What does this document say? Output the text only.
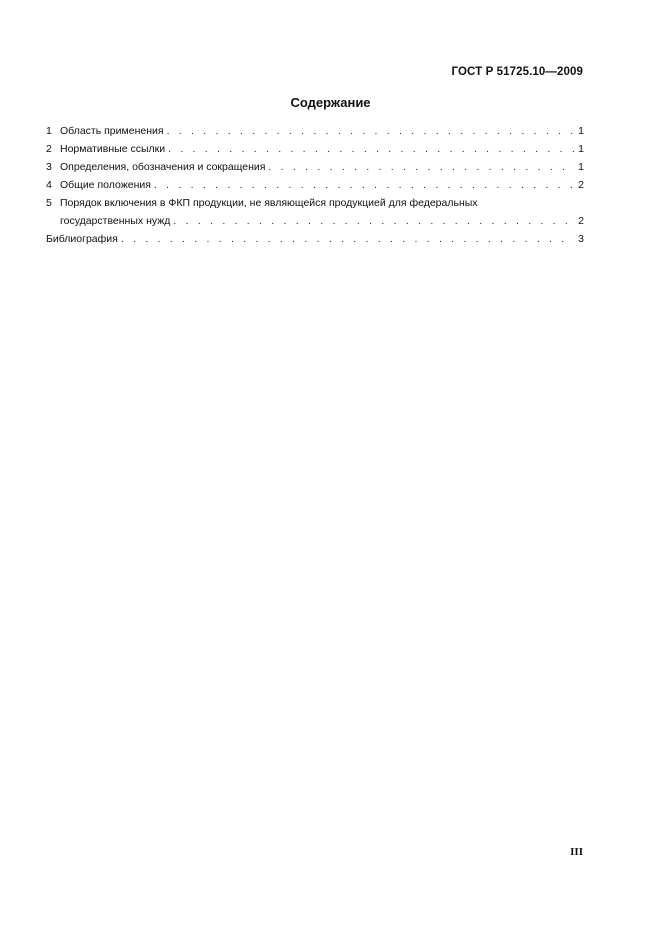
ГОСТ Р 51725.10—2009
Содержание
1 Область применения . . .	1
2 Нормативные ссылки . . .	1
3 Определения, обозначения и сокращения . . .	1
4 Общие положения . . .	2
5 Порядок включения в ФКП продукции, не являющейся продукцией для федеральных
государственных нужд . . .	2
Библиография . . .	3
III
